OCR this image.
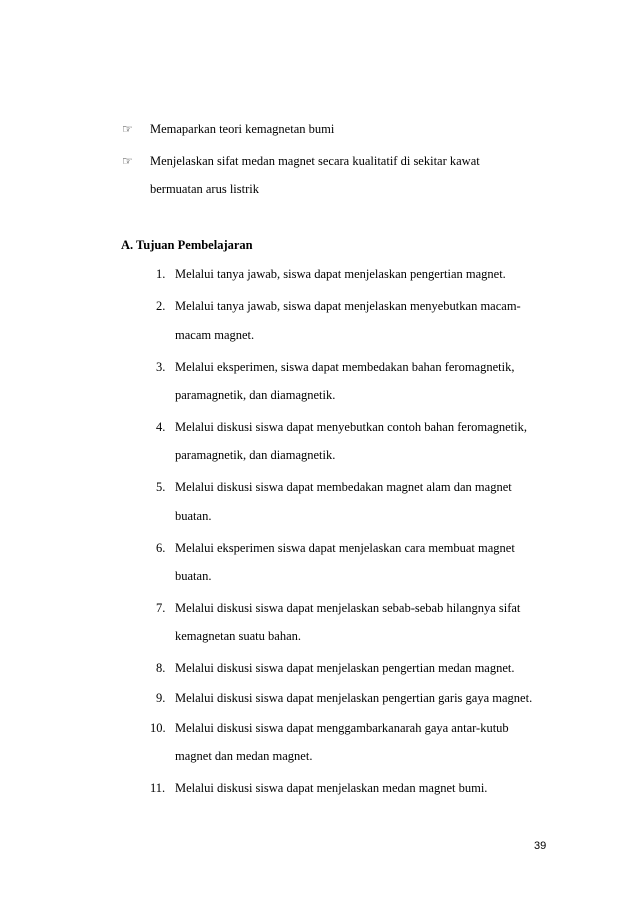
☞ Memaparkan teori kemagnetan bumi
☞ Menjelaskan sifat medan magnet secara kualitatif di sekitar kawat
bermuatan arus listrik
A. Tujuan Pembelajaran
1. Melalui tanya jawab, siswa dapat menjelaskan pengertian magnet.
2. Melalui tanya jawab, siswa dapat menjelaskan menyebutkan macam-
macam magnet.
3. Melalui eksperimen, siswa dapat membedakan bahan feromagnetik,
paramagnetik, dan diamagnetik.
4. Melalui diskusi siswa dapat menyebutkan contoh bahan feromagnetik,
paramagnetik, dan diamagnetik.
5. Melalui diskusi siswa dapat membedakan magnet alam dan magnet
buatan.
6. Melalui eksperimen siswa dapat menjelaskan cara membuat magnet
buatan.
7. Melalui diskusi siswa dapat menjelaskan sebab-sebab hilangnya sifat
kemagnetan suatu bahan.
8. Melalui diskusi siswa dapat menjelaskan pengertian medan magnet.
9. Melalui diskusi siswa dapat menjelaskan pengertian garis gaya magnet.
10. Melalui diskusi siswa dapat menggambarkanarah gaya antar-kutub
magnet dan medan magnet.
11. Melalui diskusi siswa dapat menjelaskan medan magnet bumi.
39
